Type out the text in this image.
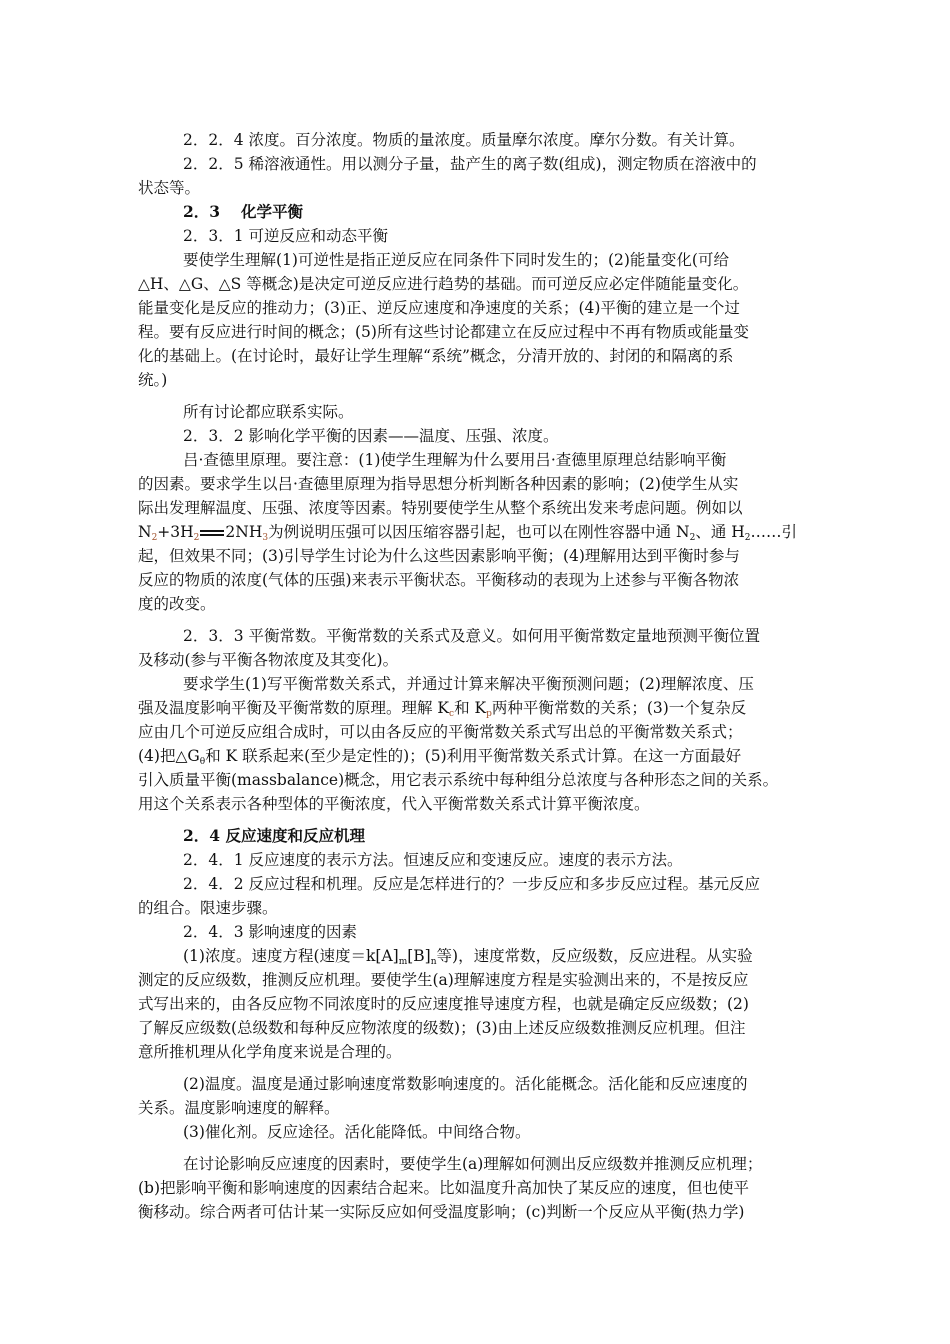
2．2．4 浓度。百分浓度。物质的量浓度。质量摩尔浓度。摩尔分数。有关计算。
2．2．5 稀溶液通性。用以测分子量，盐产生的离子数(组成)，测定物质在溶液中的
状态等。
2．3　 化学平衡
2．3．1 可逆反应和动态平衡
要使学生理解(1)可逆性是指正逆反应在同条件下同时发生的；(2)能量变化(可给
△H、△G、△S 等概念)是决定可逆反应进行趋势的基础。而可逆反应必定伴随能量变化。
能量变化是反应的推动力；(3)正、逆反应速度和净速度的关系；(4)平衡的建立是一个过
程。要有反应进行时间的概念；(5)所有这些讨论都建立在反应过程中不再有物质或能量变
化的基础上。(在讨论时，最好让学生理解“系统”概念，分清开放的、封闭的和隔离的系
统。)
所有讨论都应联系实际。
2．3．2 影响化学平衡的因素——温度、压强、浓度。
吕·查德里原理。要注意：(1)使学生理解为什么要用吕·查德里原理总结影响平衡
的因素。要求学生以吕·查德里原理为指导思想分析判断各种因素的影响；(2)使学生从实
际出发理解温度、压强、浓度等因素。特别要使学生从整个系统出发来考虑问题。例如以
N2+3H2 2NH3为例说明压强可以因压缩容器引起，也可以在刚性容器中通 $N_2$、通 $H_2\dots\dots$引
起，但效果不同；(3)引导学生讨论为什么这些因素影响平衡；(4)理解用达到平衡时参与
反应的物质的浓度(气体的压强)来表示平衡状态。平衡移动的表现为上述参与平衡各物浓
度的改变。
2．3．3 平衡常数。平衡常数的关系式及意义。如何用平衡常数定量地预测平衡位置
及移动(参与平衡各物浓度及其变化)。
要求学生(1)写平衡常数关系式，并通过计算来解决平衡预测问题；(2)理解浓度、压
强及温度影响平衡及平衡常数的原理。理解 Kc和 Kp两种平衡常数的关系；(3)一个复杂反
应由几个可逆反应组合成时，可以由各反应的平衡常数关系式写出总的平衡常数关系式；
(4)把$\triangle G_\theta$和 K 联系起来(至少是定性的)；(5)利用平衡常数关系式计算。在这一方面最好
引入质量平衡(massbalance)概念，用它表示系统中每种组分总浓度与各种形态之间的关系。
用这个关系表示各种型体的平衡浓度，代入平衡常数关系式计算平衡浓度。
2．4 反应速度和反应机理
2．4．1 反应速度的表示方法。恒速反应和变速反应。速度的表示方法。
2．4．2 反应过程和机理。反应是怎样进行的？一步反应和多步反应过程。基元反应
的组合。限速步骤。
2．4．3 影响速度的因素
(1)浓度。速度方程(速度$=k[A]_m[B]_n$等)，速度常数，反应级数，反应进程。从实验
测定的反应级数，推测反应机理。要使学生(a)理解速度方程是实验测出来的，不是按反应
式写出来的，由各反应物不同浓度时的反应速度推导速度方程，也就是确定反应级数；(2)
了解反应级数(总级数和每种反应物浓度的级数)；(3)由上述反应级数推测反应机理。但注
意所推机理从化学角度来说是合理的。
(2)温度。温度是通过影响速度常数影响速度的。活化能概念。活化能和反应速度的
关系。温度影响速度的解释。
(3)催化剂。反应途径。活化能降低。中间络合物。
在讨论影响反应速度的因素时，要使学生(a)理解如何测出反应级数并推测反应机理；
(b)把影响平衡和影响速度的因素结合起来。比如温度升高加快了某反应的速度，但也使平
衡移动。综合两者可估计某一实际反应如何受温度影响；(c)判断一个反应从平衡(热力学)
